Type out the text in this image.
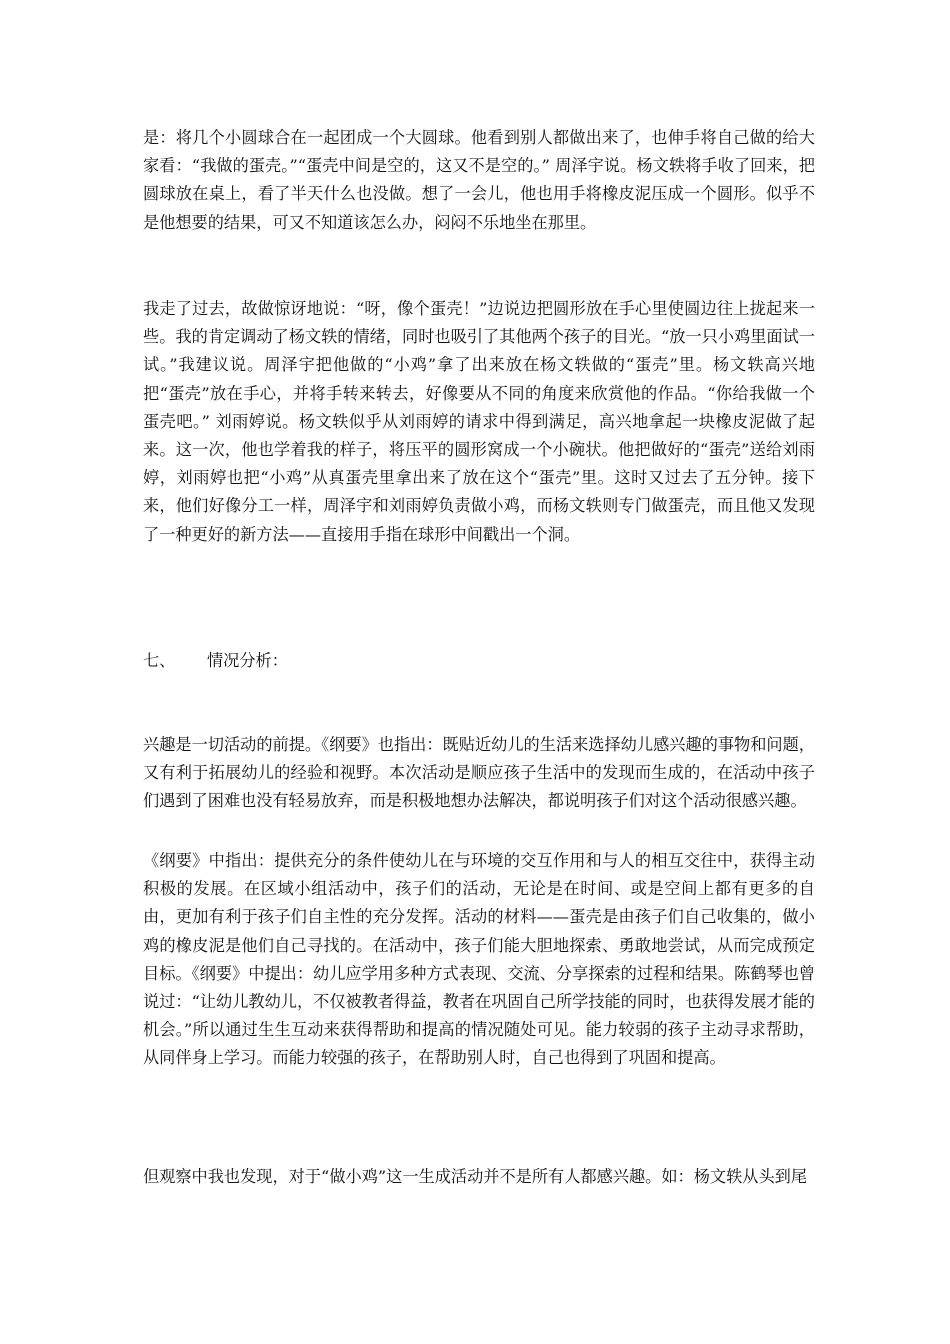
是：将几个小圆球合在一起团成一个大圆球。他看到别人都做出来了，也伸手将自己做的给大家看：“我做的蛋壳。”“蛋壳中间是空的，这又不是空的。” 周泽宇说。杨文轶将手收了回来，把圆球放在桌上，看了半天什么也没做。想了一会儿，他也用手将橡皮泥压成一个圆形。似乎不是他想要的结果，可又不知道该怎么办，闷闷不乐地坐在那里。

我走了过去，故做惊讶地说：“呀，像个蛋壳！”边说边把圆形放在手心里使圆边往上拢起来一些。我的肯定调动了杨文轶的情绪，同时也吸引了其他两个孩子的目光。“放一只小鸡里面试一试。”我建议说。周泽宇把他做的“小鸡”拿了出来放在杨文轶做的“蛋壳”里。杨文轶高兴地把“蛋壳”放在手心，并将手转来转去，好像要从不同的角度来欣赏他的作品。“你给我做一个蛋壳吧。” 刘雨婷说。杨文轶似乎从刘雨婷的请求中得到满足，高兴地拿起一块橡皮泥做了起来。这一次，他也学着我的样子，将压平的圆形窝成一个小碗状。他把做好的“蛋壳”送给刘雨婷，刘雨婷也把“小鸡”从真蛋壳里拿出来了放在这个“蛋壳”里。这时又过去了五分钟。接下来，他们好像分工一样，周泽宇和刘雨婷负责做小鸡，而杨文轶则专门做蛋壳，而且他又发现了一种更好的新方法——直接用手指在球形中间戳出一个洞。

七、 情况分析：

兴趣是一切活动的前提。《纲要》也指出：既贴近幼儿的生活来选择幼儿感兴趣的事物和问题，又有利于拓展幼儿的经验和视野。本次活动是顺应孩子生活中的发现而生成的，在活动中孩子们遇到了困难也没有轻易放弃，而是积极地想办法解决，都说明孩子们对这个活动很感兴趣。

《纲要》中指出：提供充分的条件使幼儿在与环境的交互作用和与人的相互交往中，获得主动积极的发展。在区域小组活动中，孩子们的活动，无论是在时间、或是空间上都有更多的自由，更加有利于孩子们自主性的充分发挥。活动的材料——蛋壳是由孩子们自己收集的，做小鸡的橡皮泥是他们自己寻找的。在活动中，孩子们能大胆地探索、勇敢地尝试，从而完成预定目标。《纲要》中提出：幼儿应学用多种方式表现、交流、分享探索的过程和结果。陈鹤琴也曾说过：“让幼儿教幼儿，不仅被教者得益，教者在巩固自己所学技能的同时，也获得发展才能的机会。”所以通过生生互动来获得帮助和提高的情况随处可见。能力较弱的孩子主动寻求帮助，从同伴身上学习。而能力较强的孩子，在帮助别人时，自己也得到了巩固和提高。

但观察中我也发现，对于“做小鸡”这一生成活动并不是所有人都感兴趣。如：杨文轶从头到尾
